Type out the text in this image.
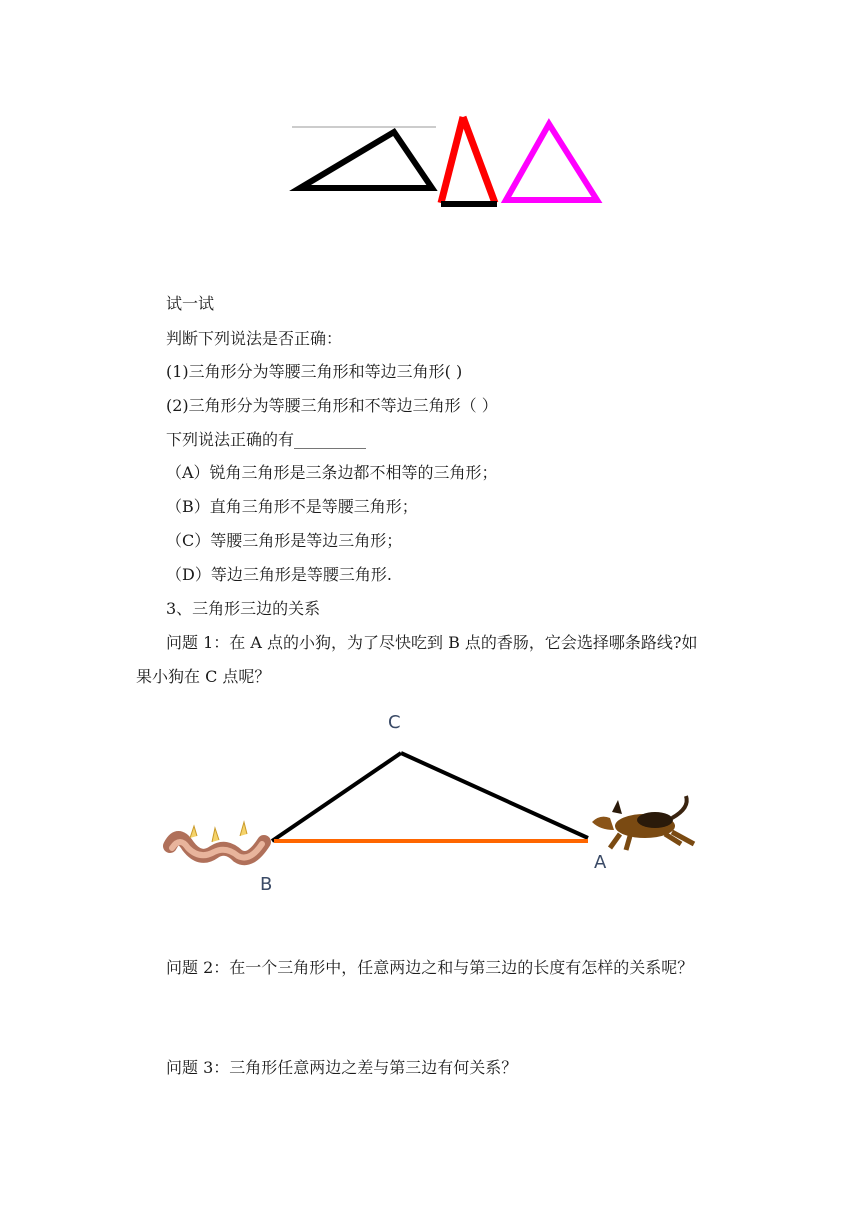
试一试
判断下列说法是否正确：
(1)三角形分为等腰三角形和等边三角形( )
(2)三角形分为等腰三角形和不等边三角形（ ）
下列说法正确的有_________
（A）锐角三角形是三条边都不相等的三角形；
（B）直角三角形不是等腰三角形；
（C）等腰三角形是等边三角形；
（D）等边三角形是等腰三角形.
3、三角形三边的关系
问题 1：在 A 点的小狗，为了尽快吃到 B 点的香肠，它会选择哪条路线?如
果小狗在 C 点呢？
C
B
A
问题 2：在一个三角形中，任意两边之和与第三边的长度有怎样的关系呢？
问题 3：三角形任意两边之差与第三边有何关系？
